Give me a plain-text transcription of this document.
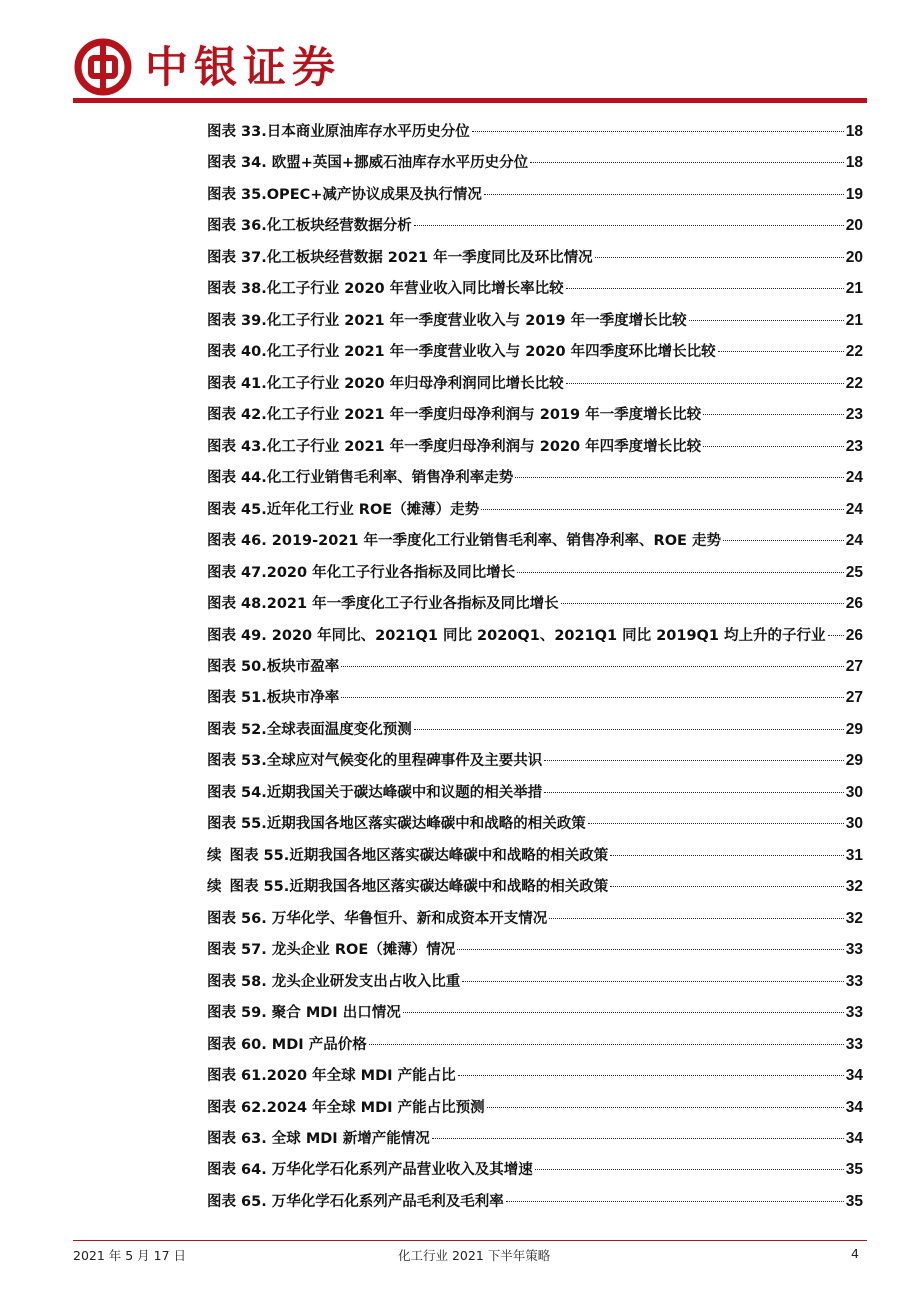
中银证券
图表 33.日本商业原油库存水平历史分位	18
图表 34. 欧盟+英国+挪威石油库存水平历史分位	18
图表 35.OPEC+减产协议成果及执行情况	19
图表 36.化工板块经营数据分析	20
图表 37.化工板块经营数据 2021 年一季度同比及环比情况	20
图表 38.化工子行业 2020 年营业收入同比增长率比较	21
图表 39.化工子行业 2021 年一季度营业收入与 2019 年一季度增长比较	21
图表 40.化工子行业 2021 年一季度营业收入与 2020 年四季度环比增长比较	22
图表 41.化工子行业 2020 年归母净利润同比增长比较	22
图表 42.化工子行业 2021 年一季度归母净利润与 2019 年一季度增长比较	23
图表 43.化工子行业 2021 年一季度归母净利润与 2020 年四季度增长比较	23
图表 44.化工行业销售毛利率、销售净利率走势	24
图表 45.近年化工行业 ROE（摊薄）走势	24
图表 46. 2019-2021 年一季度化工行业销售毛利率、销售净利率、ROE 走势	24
图表 47.2020 年化工子行业各指标及同比增长	25
图表 48.2021 年一季度化工子行业各指标及同比增长	26
图表 49. 2020 年同比、2021Q1 同比 2020Q1、2021Q1 同比 2019Q1 均上升的子行业 26
图表 50.板块市盈率	27
图表 51.板块市净率	27
图表 52.全球表面温度变化预测	29
图表 53.全球应对气候变化的里程碑事件及主要共识	29
图表 54.近期我国关于碳达峰碳中和议题的相关举措	30
图表 55.近期我国各地区落实碳达峰碳中和战略的相关政策	30
续 图表 55.近期我国各地区落实碳达峰碳中和战略的相关政策	31
续 图表 55.近期我国各地区落实碳达峰碳中和战略的相关政策	32
图表 56. 万华化学、华鲁恒升、新和成资本开支情况	32
图表 57. 龙头企业 ROE（摊薄）情况	33
图表 58. 龙头企业研发支出占收入比重	33
图表 59. 聚合 MDI 出口情况	33
图表 60. MDI 产品价格	33
图表 61.2020 年全球 MDI 产能占比	34
图表 62.2024 年全球 MDI 产能占比预测	34
图表 63. 全球 MDI 新增产能情况	34
图表 64. 万华化学石化系列产品营业收入及其增速	35
图表 65. 万华化学石化系列产品毛利及毛利率	35
2021 年 5 月 17 日	化工行业 2021 下半年策略	4
